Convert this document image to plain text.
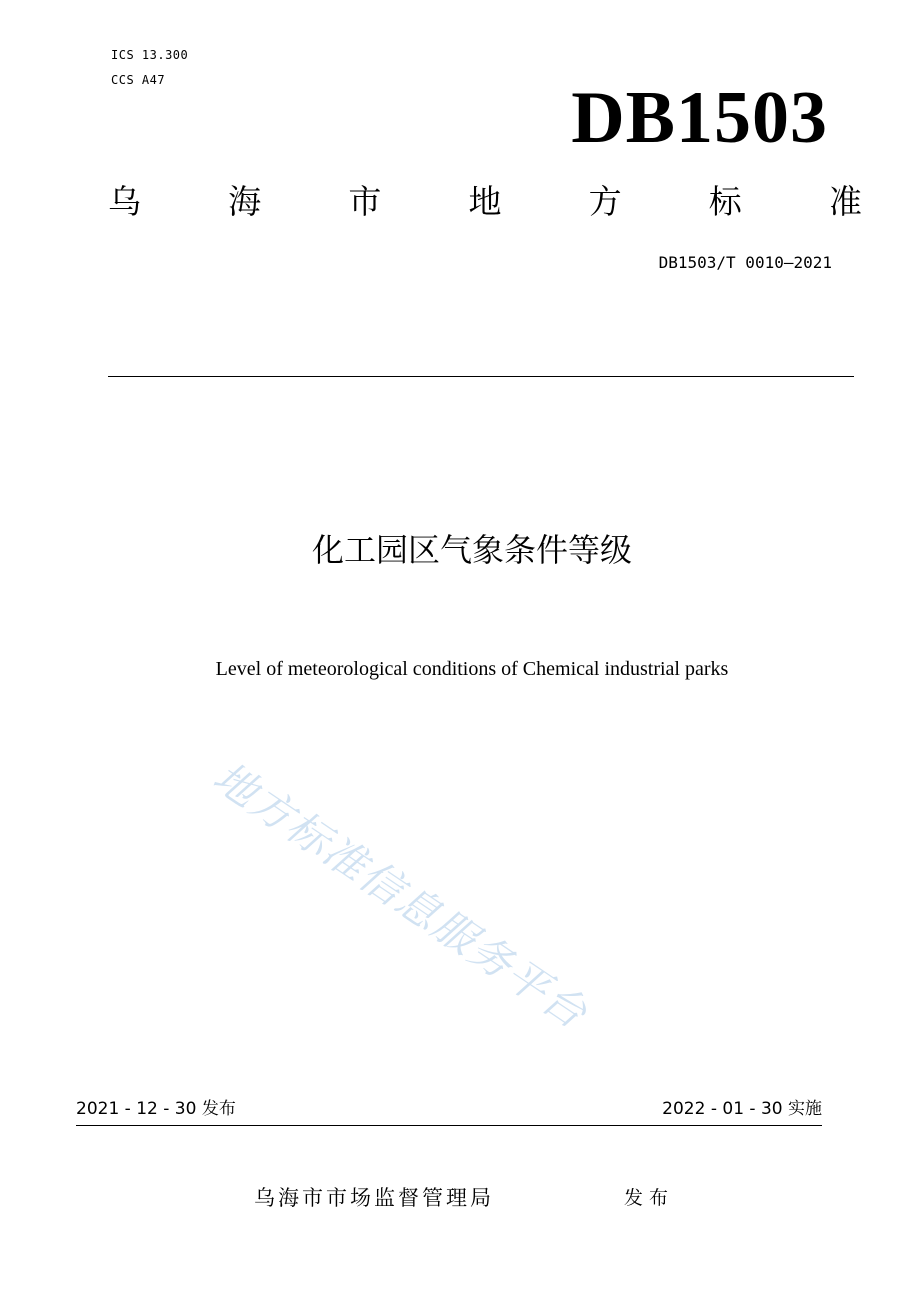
ICS 13.300
CCS A47	DB1503
乌	海	市	地	方	标	准
DB1503/T 0010—2021
化工园区气象条件等级
Level of meteorological conditions of Chemical industrial parks
地方标准信息服务平台
2021 - 12 - 30 发布	2022 - 01 - 30 实施
乌海市市场监督管理局	发布
